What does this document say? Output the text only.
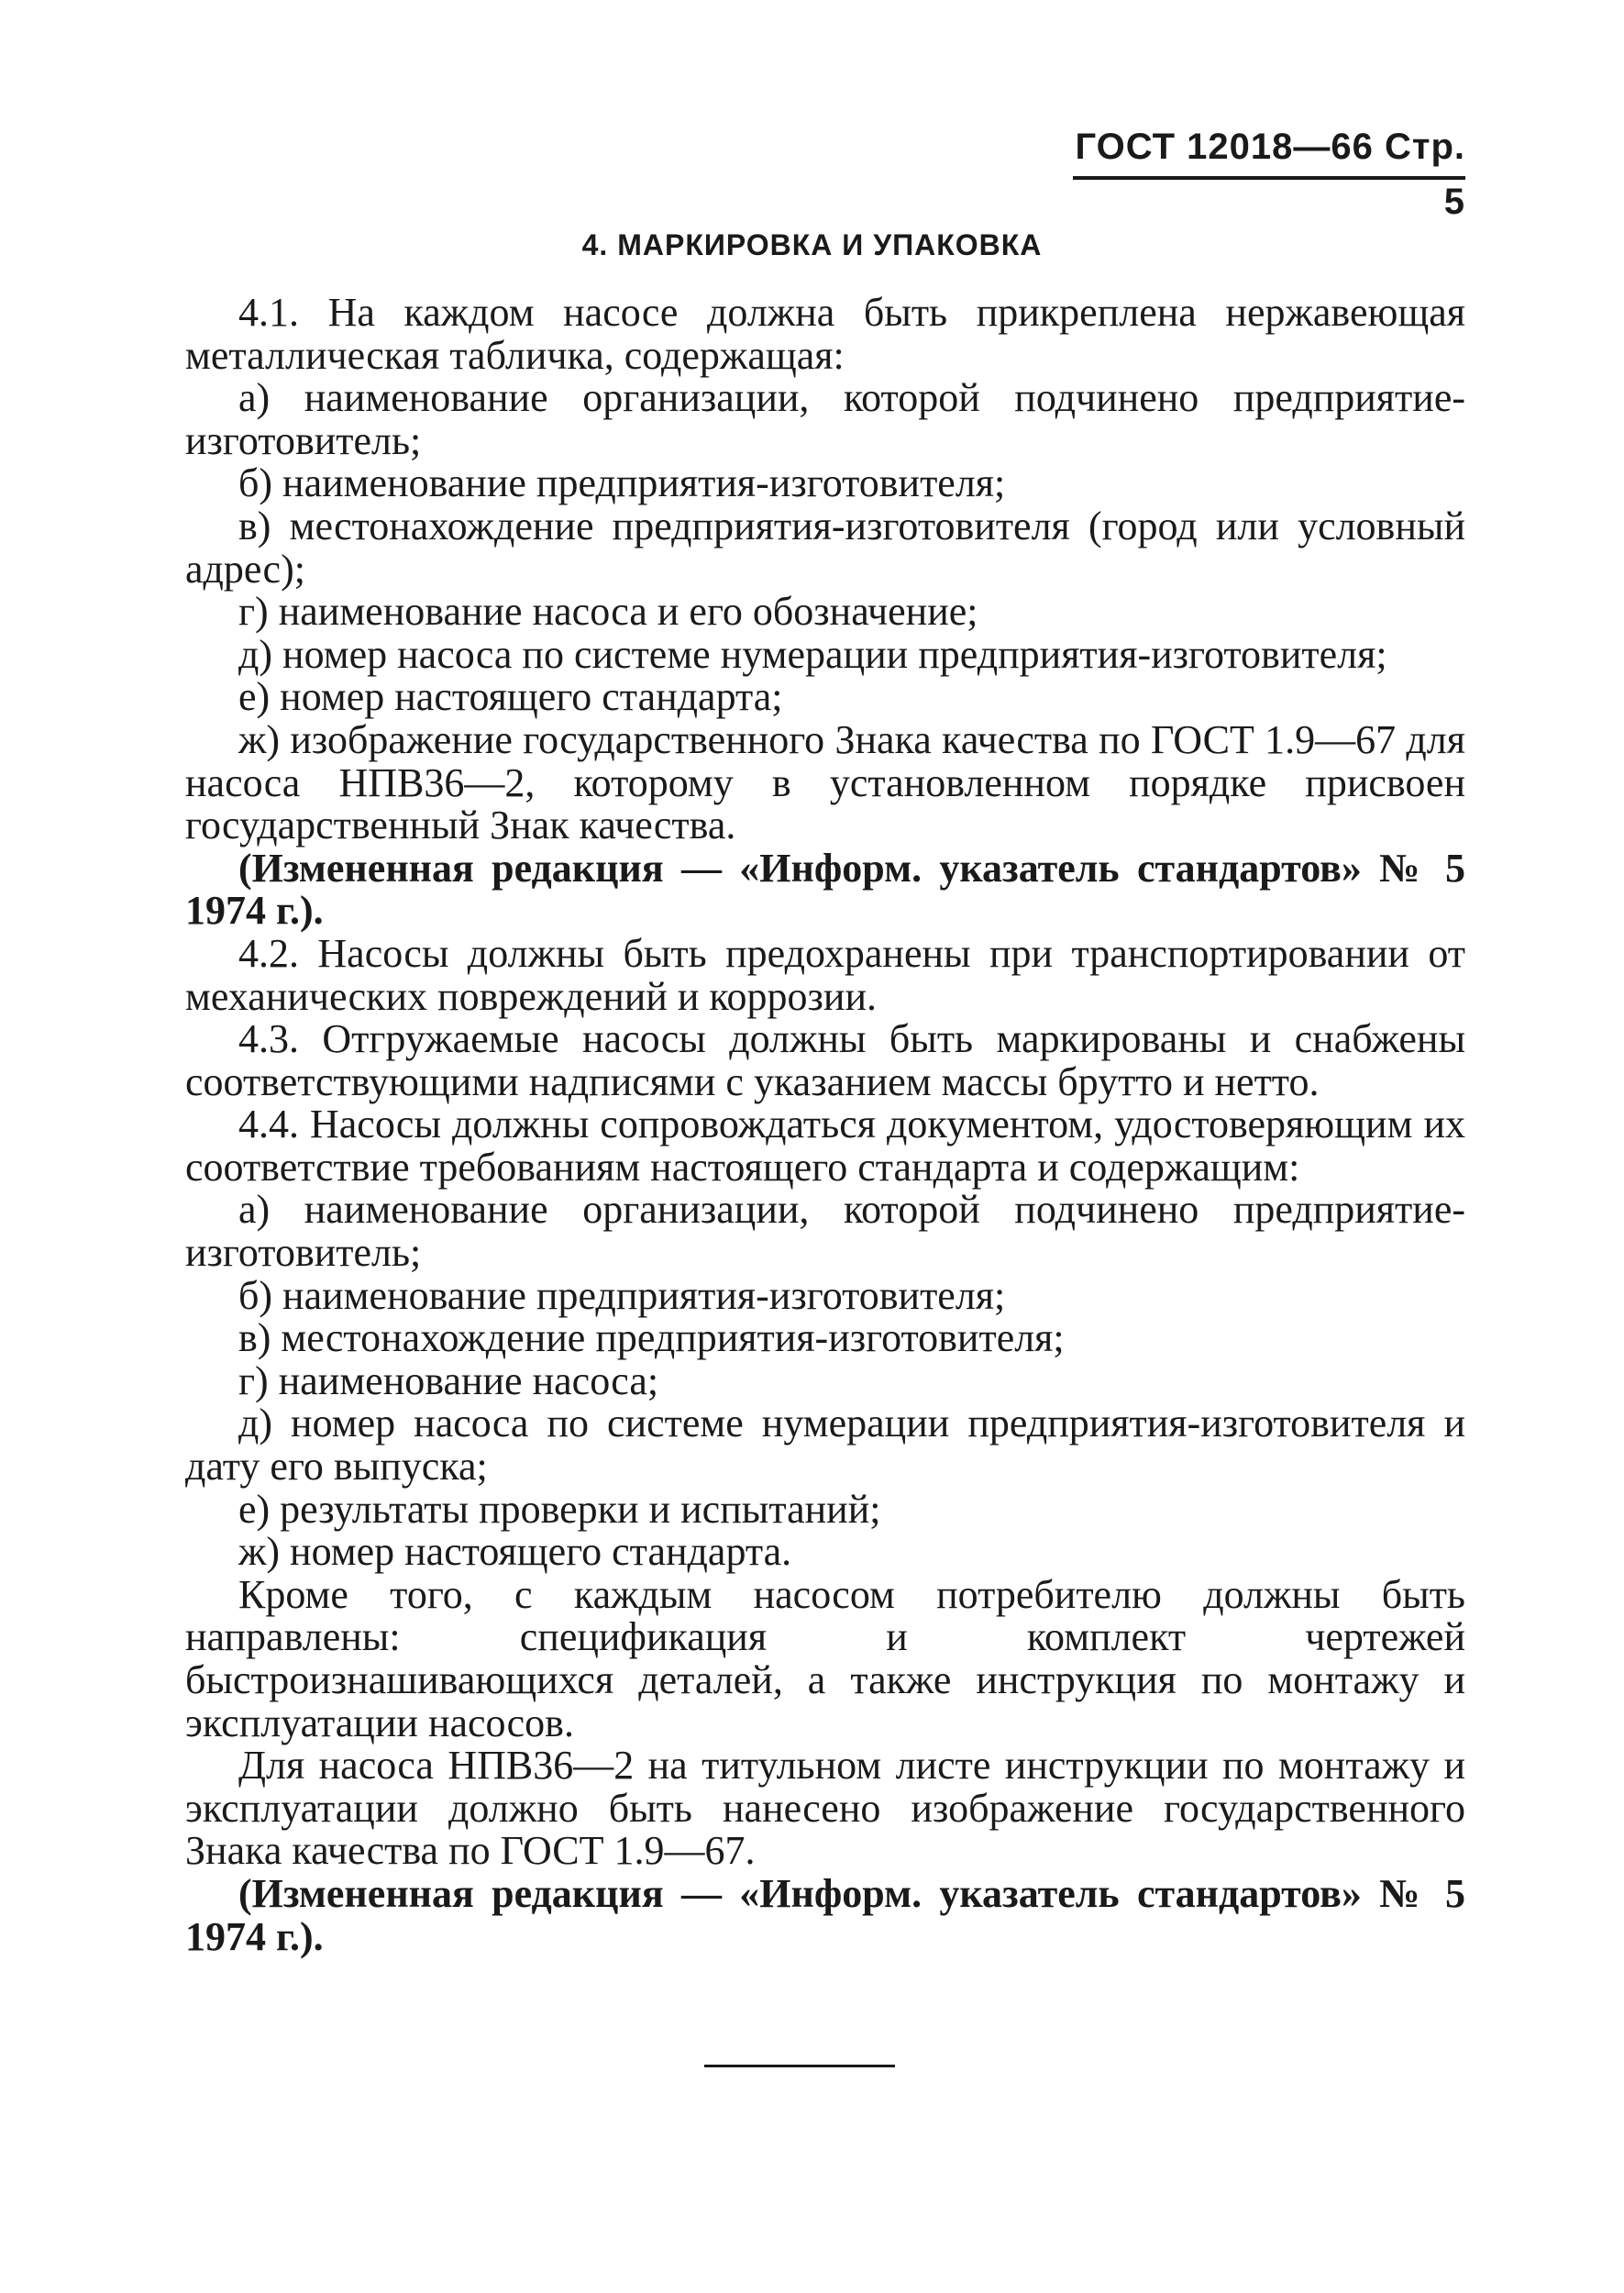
ГОСТ 12018—66 Стр. 5
4. МАРКИРОВКА И УПАКОВКА

4.1. На каждом насосе должна быть прикреплена нержавеющая металлическая табличка, содержащая:

а) наименование организации, которой подчинено предприятие-изготовитель;

б) наименование предприятия-изготовителя;

в) местонахождение предприятия-изготовителя (город или условный адрес);

г) наименование насоса и его обозначение;

д) номер насоса по системе нумерации предприятия-изготовителя;

е) номер настоящего стандарта;

ж) изображение государственного Знака качества по ГОСТ 1.9—67 для насоса НПВ36—2, которому в установленном порядке присвоен государственный Знак качества.

(Измененная редакция — «Информ. указатель стандартов» № 5 1974 г.).

4.2. Насосы должны быть предохранены при транспортировании от механических повреждений и коррозии.

4.3. Отгружаемые насосы должны быть маркированы и снабжены соответствующими надписями с указанием массы брутто и нетто.

4.4. Насосы должны сопровождаться документом, удостоверяющим их соответствие требованиям настоящего стандарта и содержащим:

а) наименование организации, которой подчинено предприятие-изготовитель;

б) наименование предприятия-изготовителя;

в) местонахождение предприятия-изготовителя;

г) наименование насоса;

д) номер насоса по системе нумерации предприятия-изготовителя и дату его выпуска;

е) результаты проверки и испытаний;

ж) номер настоящего стандарта.

Кроме того, с каждым насосом потребителю должны быть направлены: спецификация и комплект чертежей быстроизнашивающихся деталей, а также инструкция по монтажу и эксплуатации насосов.

Для насоса НПВ36—2 на титульном листе инструкции по монтажу и эксплуатации должно быть нанесено изображение государственного Знака качества по ГОСТ 1.9—67.

(Измененная редакция — «Информ. указатель стандартов» № 5 1974 г.).
